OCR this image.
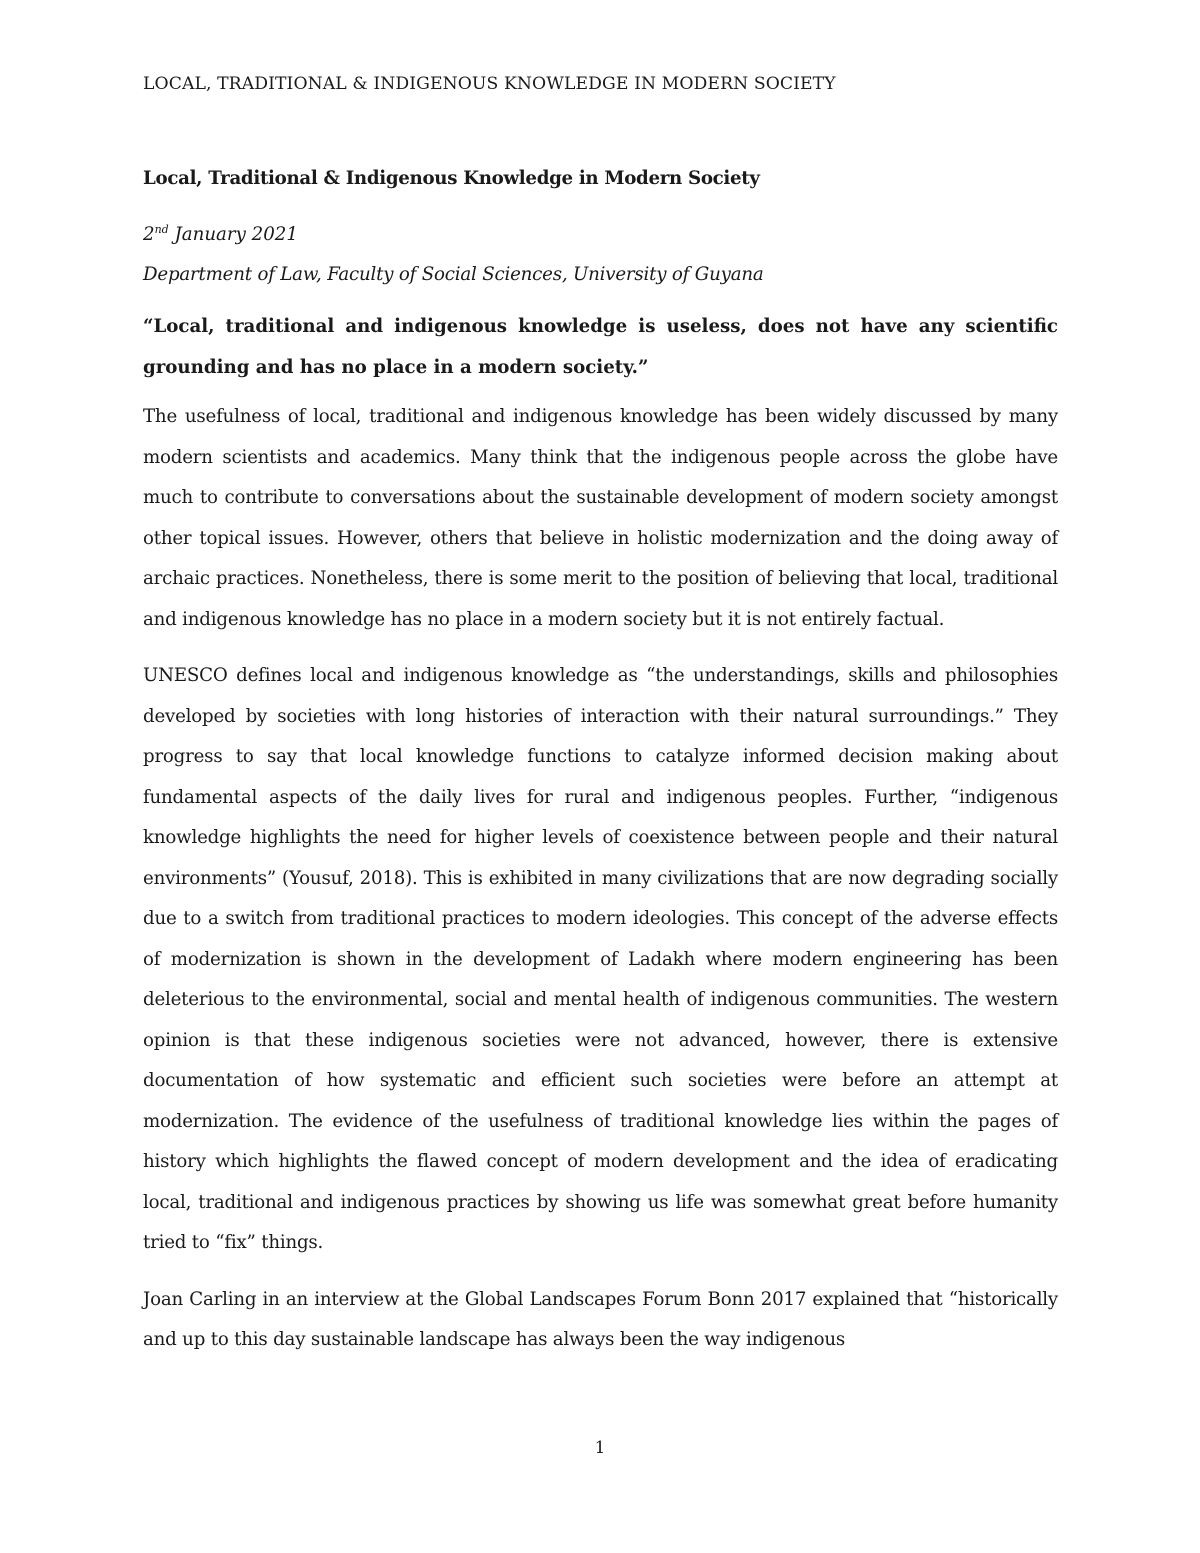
LOCAL, TRADITIONAL & INDIGENOUS KNOWLEDGE IN MODERN SOCIETY
Local, Traditional & Indigenous Knowledge in Modern Society

2nd January 2021

Department of Law, Faculty of Social Sciences, University of Guyana

“Local, traditional and indigenous knowledge is useless, does not have any scientific grounding and has no place in a modern society.”

The usefulness of local, traditional and indigenous knowledge has been widely discussed by many modern scientists and academics. Many think that the indigenous people across the globe have much to contribute to conversations about the sustainable development of modern society amongst other topical issues. However, others that believe in holistic modernization and the doing away of archaic practices. Nonetheless, there is some merit to the position of believing that local, traditional and indigenous knowledge has no place in a modern society but it is not entirely factual.

UNESCO defines local and indigenous knowledge as “the understandings, skills and philosophies developed by societies with long histories of interaction with their natural surroundings.” They progress to say that local knowledge functions to catalyze informed decision making about fundamental aspects of the daily lives for rural and indigenous peoples. Further, “indigenous knowledge highlights the need for higher levels of coexistence between people and their natural environments” (Yousuf, 2018). This is exhibited in many civilizations that are now degrading socially due to a switch from traditional practices to modern ideologies. This concept of the adverse effects of modernization is shown in the development of Ladakh where modern engineering has been deleterious to the environmental, social and mental health of indigenous communities. The western opinion is that these indigenous societies were not advanced, however, there is extensive documentation of how systematic and efficient such societies were before an attempt at modernization. The evidence of the usefulness of traditional knowledge lies within the pages of history which highlights the flawed concept of modern development and the idea of eradicating local, traditional and indigenous practices by showing us life was somewhat great before humanity tried to “fix” things.

Joan Carling in an interview at the Global Landscapes Forum Bonn 2017 explained that “historically and up to this day sustainable landscape has always been the way indigenous

1
